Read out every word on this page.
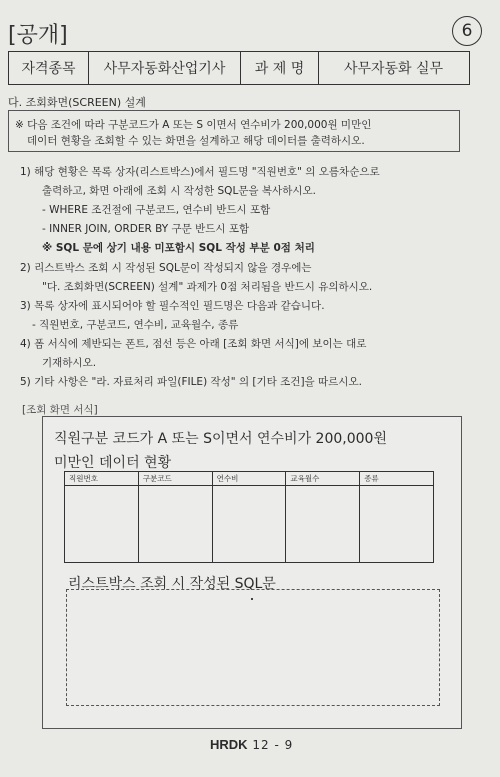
[공개]	6
자격종목	사무자동화산업기사	과 제 명	사무자동화 실무
다. 조회화면(SCREEN) 설계
※ 다음 조건에 따라 구분코드가 A 또는 S 이면서 연수비가 200,000원 미만인
데이터 현황을 조회할 수 있는 화면을 설계하고 해당 데이터를 출력하시오.
1) 해당 현황은 목록 상자(리스트박스)에서 필드명 "직원번호" 의 오름차순으로
출력하고, 화면 아래에 조회 시 작성한 SQL문을 복사하시오.
- WHERE 조건절에 구분코드, 연수비 반드시 포함
- INNER JOIN, ORDER BY 구문 반드시 포함
※ SQL 문에 상기 내용 미포함시 SQL 작성 부분 0점 처리
2) 리스트박스 조회 시 작성된 SQL문이 작성되지 않을 경우에는
"다. 조회화면(SCREEN) 설계" 과제가 0점 처리됨을 반드시 유의하시오.
3) 목록 상자에 표시되어야 할 필수적인 필드명은 다음과 같습니다.
- 직원번호, 구분코드, 연수비, 교육월수, 종류
4) 폼 서식에 제반되는 폰트, 점선 등은 아래 [조회 화면 서식]에 보이는 대로
기재하시오.
5) 기타 사항은 "라. 자료처리 파일(FILE) 작성" 의 [기타 조건]을 따르시오.
[조회 화면 서식]
직원구분 코드가 A 또는 S이면서 연수비가 200,000원
미만인 데이터 현황
직원번호	구분코드	연수비	교육월수	종류
리스트박스 조회 시 작성된 SQL문
HRDK 12 - 9
